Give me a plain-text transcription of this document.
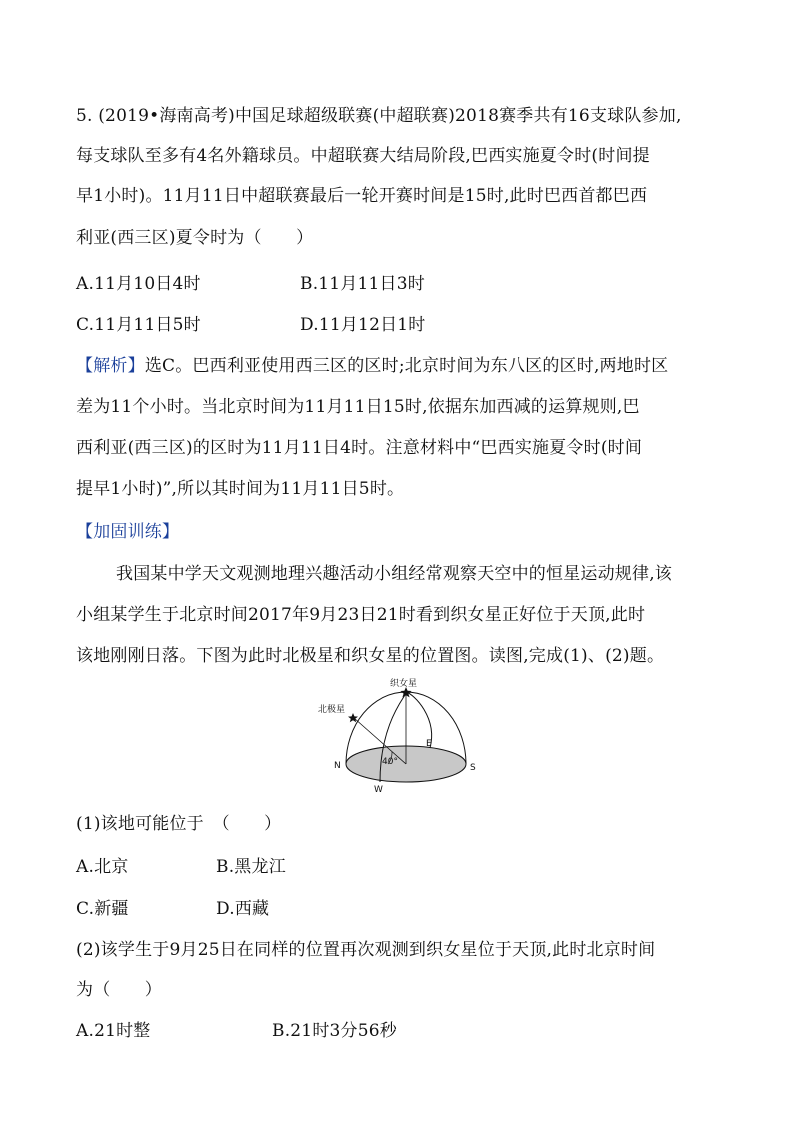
5. (2019•海南高考)中国足球超级联赛(中超联赛)2018赛季共有16支球队参加,
每支球队至多有4名外籍球员。中超联赛大结局阶段,巴西实施夏令时(时间提
早1小时)。11月11日中超联赛最后一轮开赛时间是15时,此时巴西首都巴西
利亚(西三区)夏令时为（　　）
A.11月10日4时	B.11月11日3时
C.11月11日5时	D.11月12日1时
【解析】选C。巴西利亚使用西三区的区时;北京时间为东八区的区时,两地时区
差为11个小时。当北京时间为11月11日15时,依据东加西减的运算规则,巴
西利亚(西三区)的区时为11月11日4时。注意材料中“巴西实施夏令时(时间
提早1小时)”,所以其时间为11月11日5时。
【加固训练】
我国某中学天文观测地理兴趣活动小组经常观察天空中的恒星运动规律,该
小组某学生于北京时间2017年9月23日21时看到织女星正好位于天顶,此时
该地刚刚日落。下图为此时北极星和织女星的位置图。读图,完成(1)、(2)题。
织女星
北极星
N	S
E
W
40°
(1)该地可能位于　（　　）
A.北京	B.黑龙江
C.新疆	D.西藏
(2)该学生于9月25日在同样的位置再次观测到织女星位于天顶,此时北京时间
为（　　）
A.21时整	B.21时3分56秒
